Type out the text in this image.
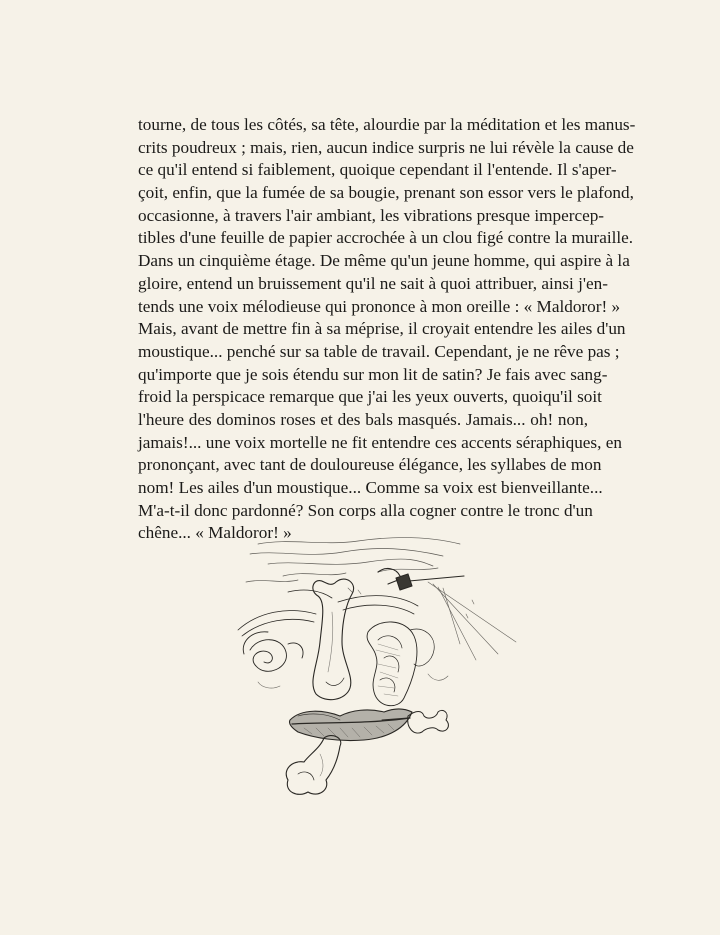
tourne, de tous les côtés, sa tête, alourdie par la méditation et les manus-
crits poudreux ; mais, rien, aucun indice surpris ne lui révèle la cause de
ce qu'il entend si faiblement, quoique cependant il l'entende. Il s'aper-
çoit, enfin, que la fumée de sa bougie, prenant son essor vers le plafond,
occasionne, à travers l'air ambiant, les vibrations presque impercep-
tibles d'une feuille de papier accrochée à un clou figé contre la muraille.
Dans un cinquième étage. De même qu'un jeune homme, qui aspire à la
gloire, entend un bruissement qu'il ne sait à quoi attribuer, ainsi j'en-
tends une voix mélodieuse qui prononce à mon oreille : « Maldoror! »
Mais, avant de mettre fin à sa méprise, il croyait entendre les ailes d'un
moustique... penché sur sa table de travail. Cependant, je ne rêve pas ;
qu'importe que je sois étendu sur mon lit de satin? Je fais avec sang-
froid la perspicace remarque que j'ai les yeux ouverts, quoiqu'il soit
l'heure des dominos roses et des bals masqués. Jamais... oh! non,
jamais!... une voix mortelle ne fit entendre ces accents séraphiques, en
prononçant, avec tant de douloureuse élégance, les syllabes de mon
nom! Les ailes d'un moustique... Comme sa voix est bienveillante...
M'a-t-il donc pardonné? Son corps alla cogner contre le tronc d'un
chêne... « Maldoror! »
